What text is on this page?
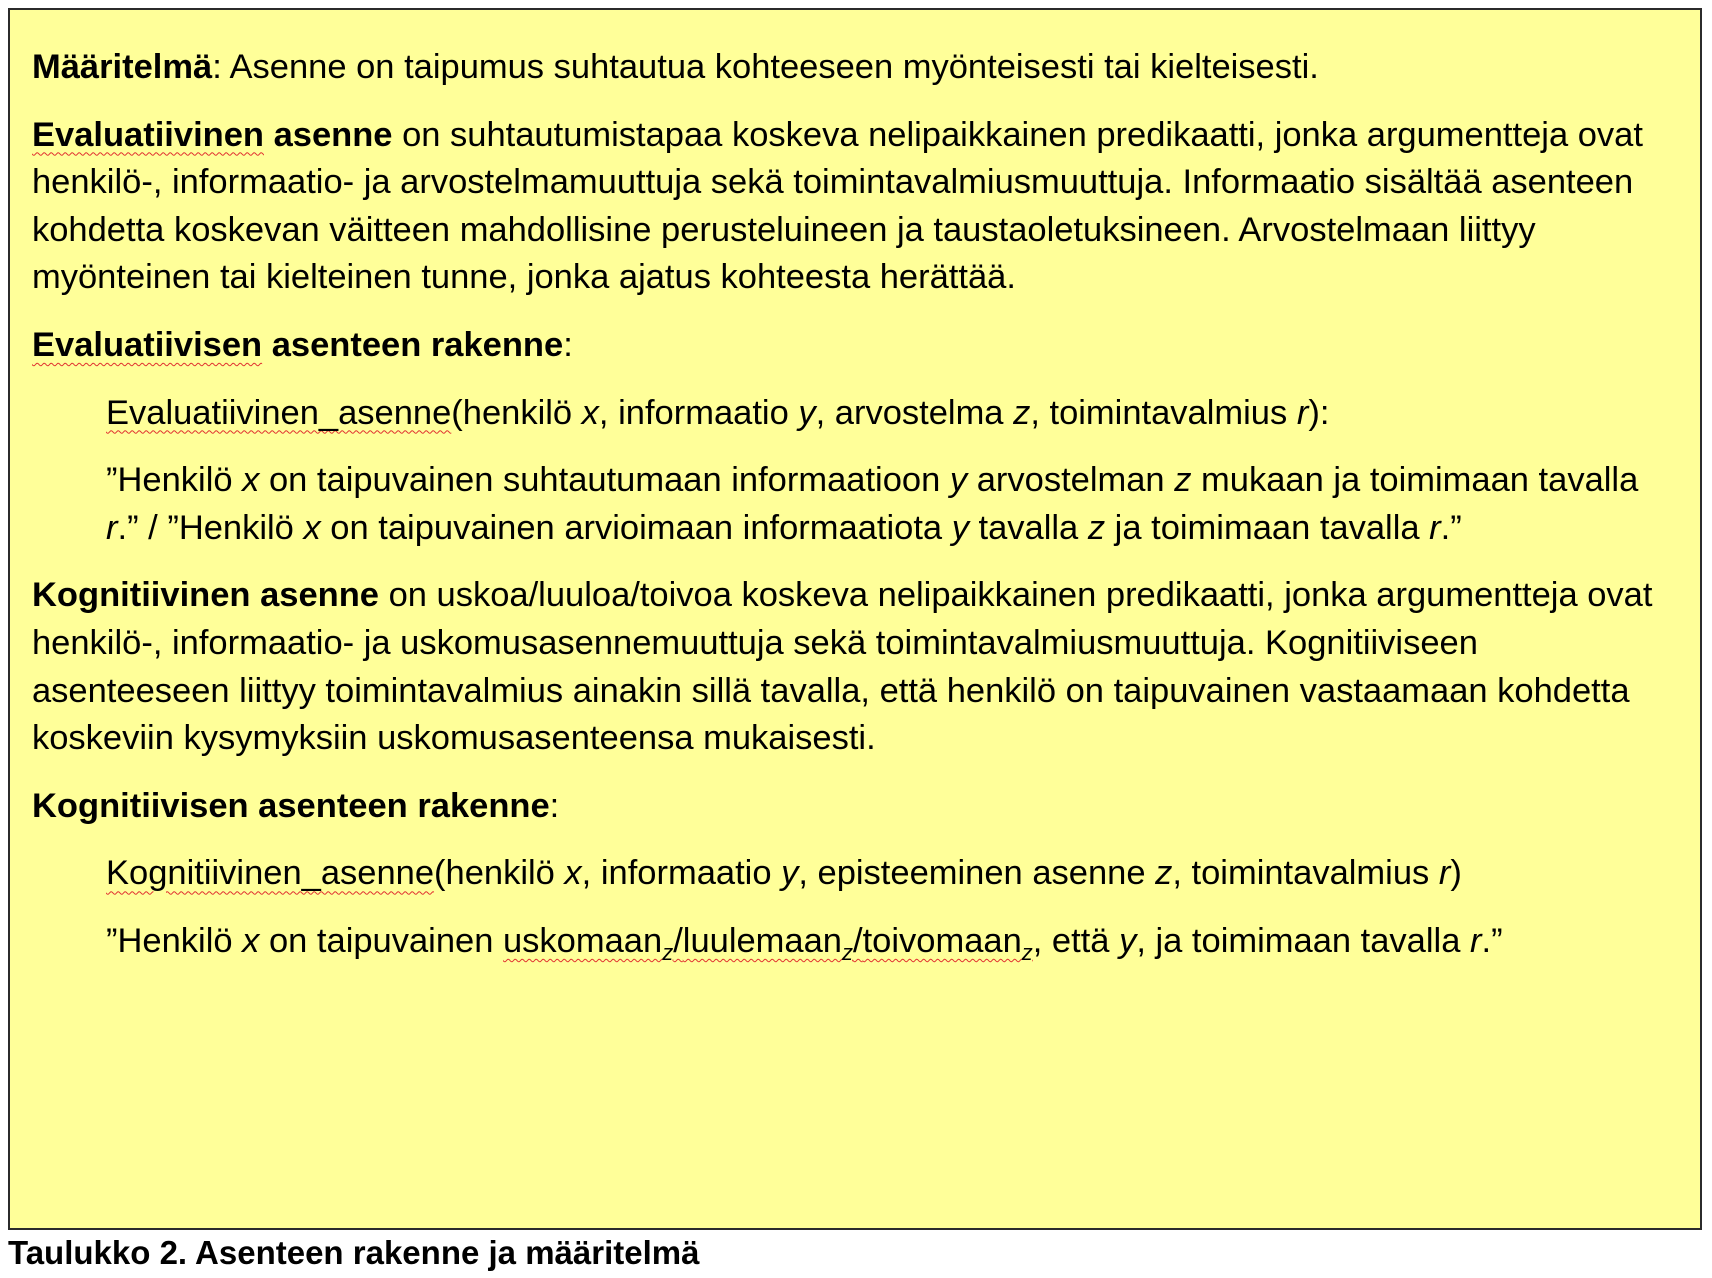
Määritelmä: Asenne on taipumus suhtautua kohteeseen myönteisesti tai kielteisesti.

Evaluatiivinen asenne on suhtautumistapaa koskeva nelipaikkainen predikaatti, jonka argumentteja ovat henkilö-, informaatio- ja arvostelmamuuttuja sekä toimintavalmiusmuuttuja. Informaatio sisältää asenteen kohdetta koskevan väitteen mahdollisine perusteluineen ja taustaoletuksineen. Arvostelmaan liittyy myönteinen tai kielteinen tunne, jonka ajatus kohteesta herättää.

Evaluatiivisen asenteen rakenne:

Evaluatiivinen_asenne(henkilö x, informaatio y, arvostelma z, toimintavalmius r):

”Henkilö x on taipuvainen suhtautumaan informaatioon y arvostelman z mukaan ja toimimaan tavalla r.” / ”Henkilö x on taipuvainen arvioimaan informaatiota y tavalla z ja toimimaan tavalla r.”

Kognitiivinen asenne on uskoa/luuloa/toivoa koskeva nelipaikkainen predikaatti, jonka argumentteja ovat henkilö-, informaatio- ja uskomusasennemuuttuja sekä toimintavalmiusmuuttuja. Kognitiiviseen asenteeseen liittyy toimintavalmius ainakin sillä tavalla, että henkilö on taipuvainen vastaamaan kohdetta koskeviin kysymyksiin uskomusasenteensa mukaisesti.

Kognitiivisen asenteen rakenne:

Kognitiivinen_asenne(henkilö x, informaatio y, episteeminen asenne z, toimintavalmius r)

”Henkilö x on taipuvainen uskomaan$_z$/luulemaan$_z$/toivomaan$_z$, että y, ja toimimaan tavalla r.”

Taulukko 2. Asenteen rakenne ja määritelmä
